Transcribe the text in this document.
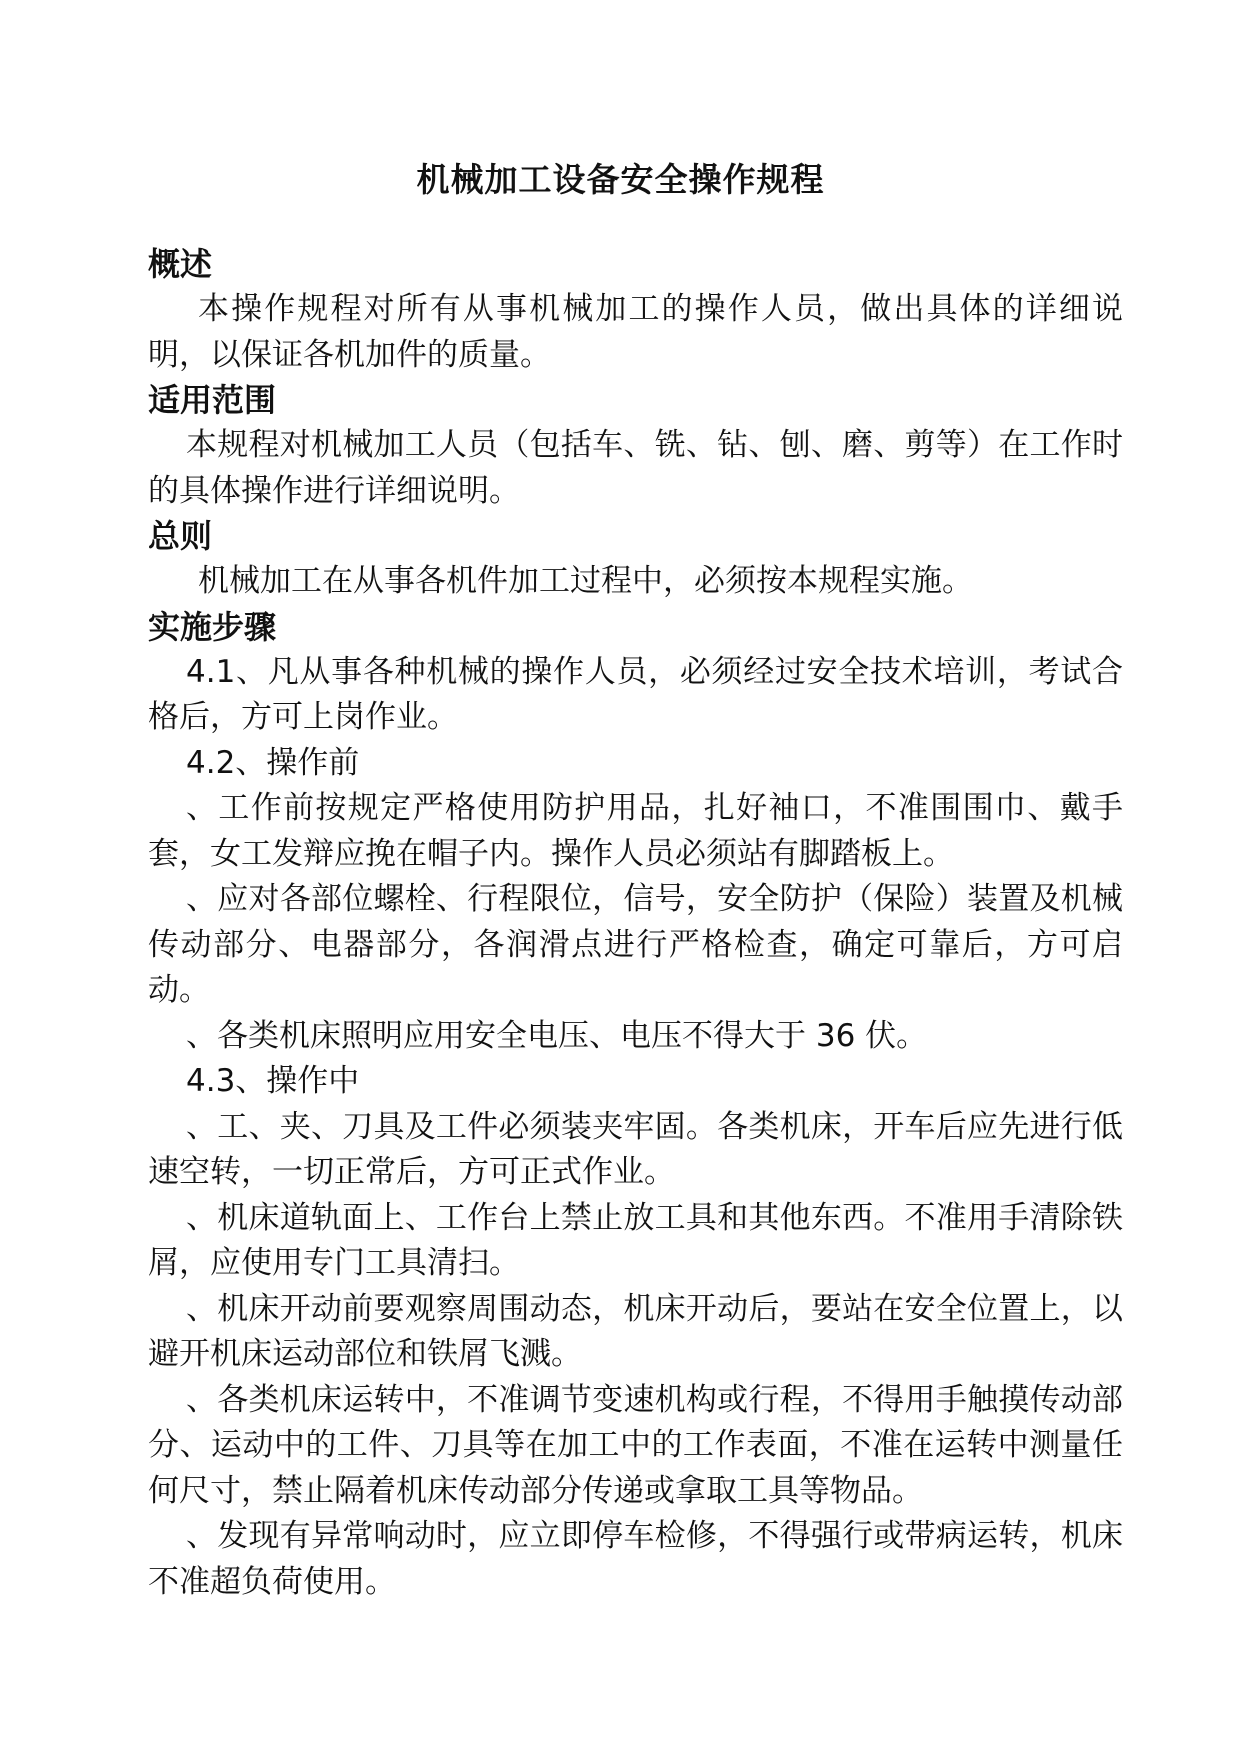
机械加工设备安全操作规程
概述

本操作规程对所有从事机械加工的操作人员，做出具体的详细说明，以保证各机加件的质量。

适用范围

本规程对机械加工人员（包括车、铣、钻、刨、磨、剪等）在工作时的具体操作进行详细说明。

总则

机械加工在从事各机件加工过程中，必须按本规程实施。

实施步骤

4.1、凡从事各种机械的操作人员，必须经过安全技术培训，考试合格后，方可上岗作业。

4.2、操作前

、工作前按规定严格使用防护用品，扎好袖口，不准围围巾、戴手套，女工发辩应挽在帽子内。操作人员必须站有脚踏板上。

、应对各部位螺栓、行程限位，信号，安全防护（保险）装置及机械传动部分、电器部分，各润滑点进行严格检查，确定可靠后，方可启动。

、各类机床照明应用安全电压、电压不得大于 36 伏。

4.3、操作中

、工、夹、刀具及工件必须装夹牢固。各类机床，开车后应先进行低速空转，一切正常后，方可正式作业。

、机床道轨面上、工作台上禁止放工具和其他东西。不准用手清除铁屑，应使用专门工具清扫。

、机床开动前要观察周围动态，机床开动后，要站在安全位置上，以避开机床运动部位和铁屑飞溅。

、各类机床运转中，不准调节变速机构或行程，不得用手触摸传动部分、运动中的工件、刀具等在加工中的工作表面，不准在运转中测量任何尺寸，禁止隔着机床传动部分传递或拿取工具等物品。

、发现有异常响动时，应立即停车检修，不得强行或带病运转，机床不准超负荷使用。
